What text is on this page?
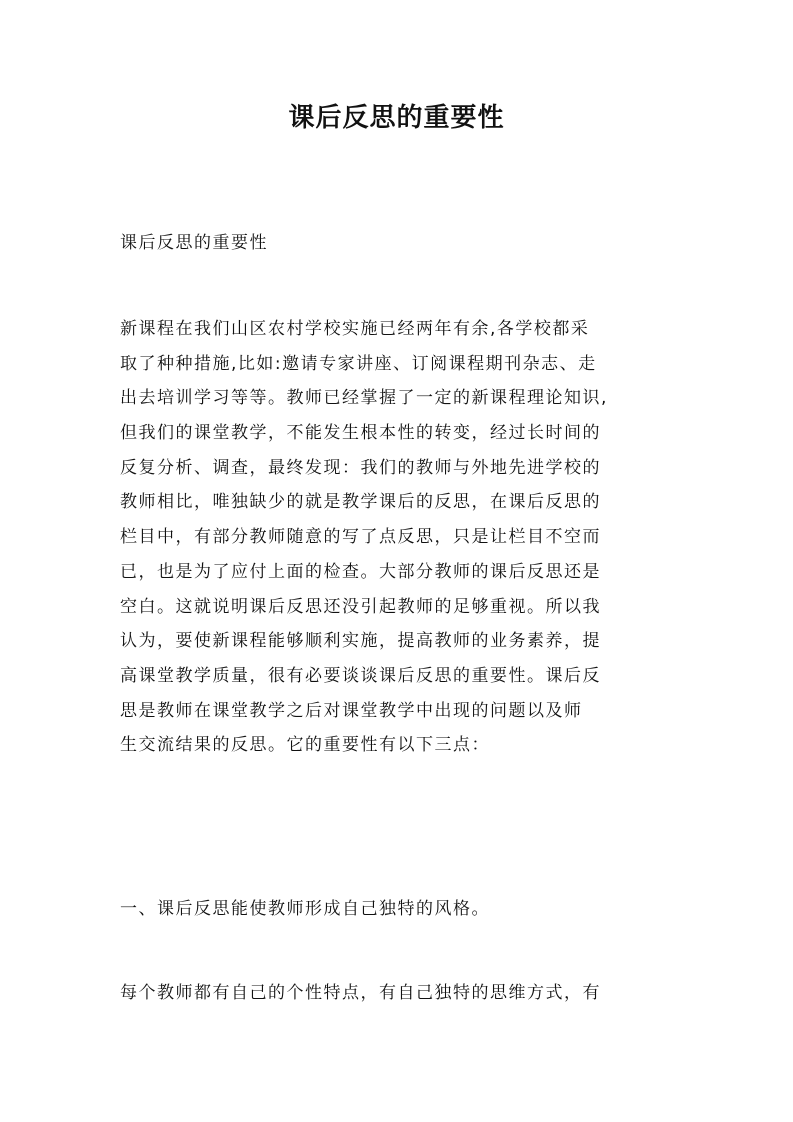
课后反思的重要性

课后反思的重要性

新课程在我们山区农村学校实施已经两年有余,各学校都采
取了种种措施,比如:邀请专家讲座、订阅课程期刊杂志、走
出去培训学习等等。教师已经掌握了一定的新课程理论知识,
但我们的课堂教学，不能发生根本性的转变，经过长时间的
反复分析、调查，最终发现：我们的教师与外地先进学校的
教师相比，唯独缺少的就是教学课后的反思，在课后反思的
栏目中，有部分教师随意的写了点反思，只是让栏目不空而
已，也是为了应付上面的检查。大部分教师的课后反思还是
空白。这就说明课后反思还没引起教师的足够重视。所以我
认为，要使新课程能够顺利实施，提高教师的业务素养，提
高课堂教学质量，很有必要谈谈课后反思的重要性。课后反
思是教师在课堂教学之后对课堂教学中出现的问题以及师
生交流结果的反思。它的重要性有以下三点：

一、课后反思能使教师形成自己独特的风格。

每个教师都有自己的个性特点，有自己独特的思维方式，有
